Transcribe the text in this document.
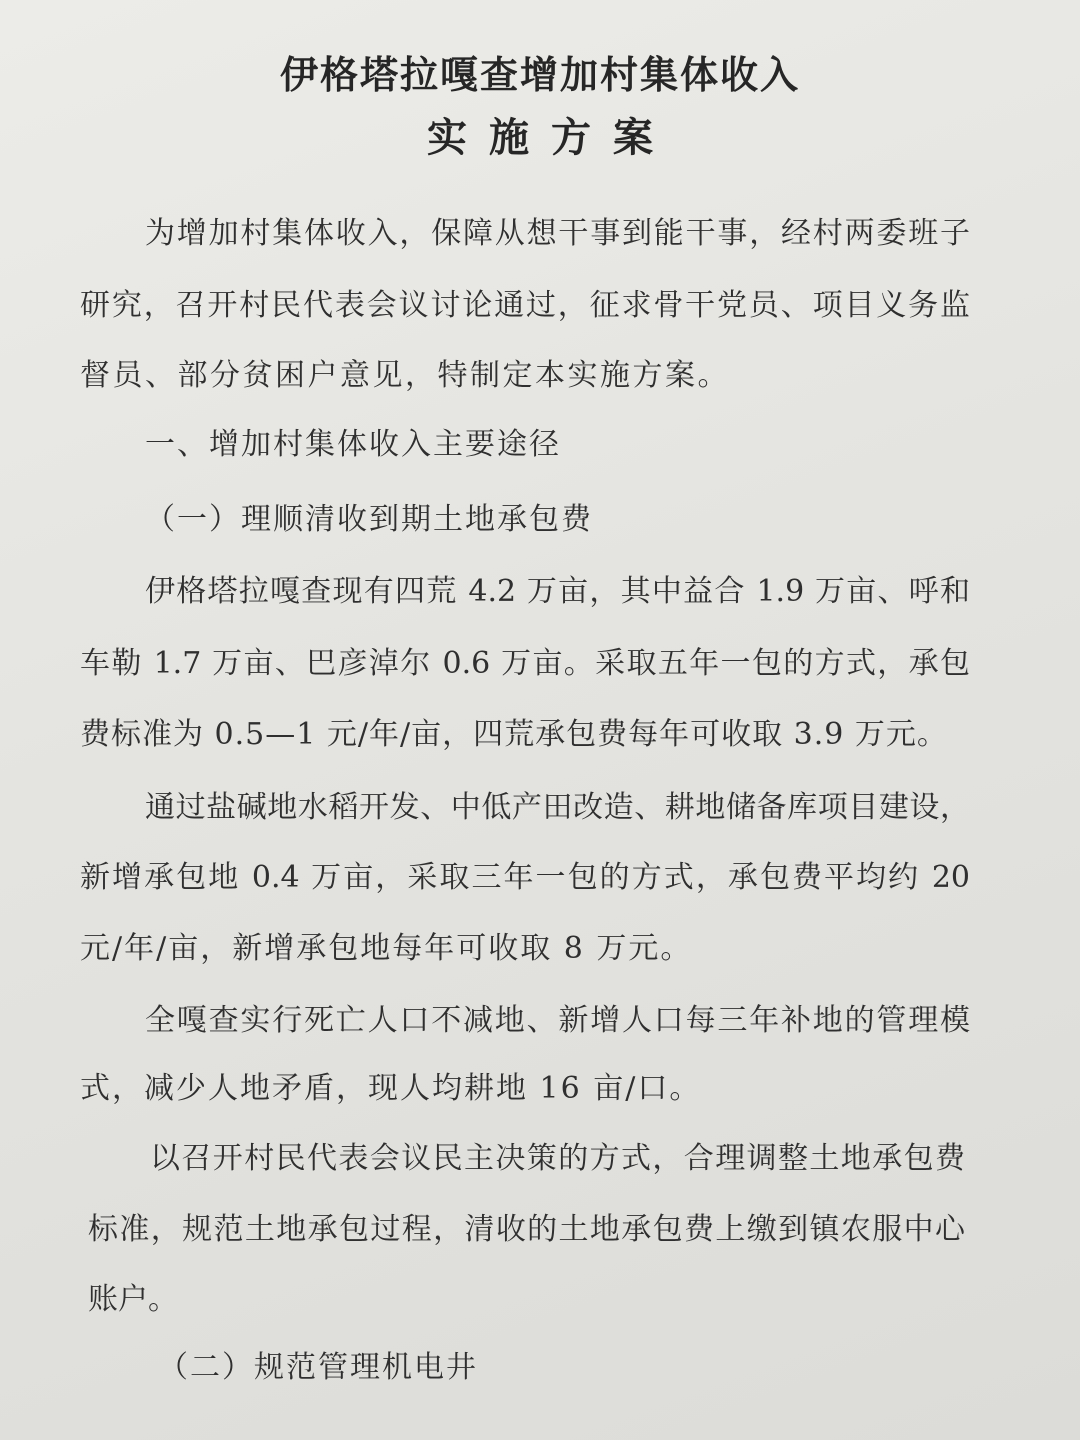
伊格塔拉嘎查增加村集体收入
实施方案

为增加村集体收入，保障从想干事到能干事，经村两委班子

研究，召开村民代表会议讨论通过，征求骨干党员、项目义务监

督员、部分贫困户意见，特制定本实施方案。

一、增加村集体收入主要途径

（一）理顺清收到期土地承包费

伊格塔拉嘎查现有四荒 4.2 万亩，其中益合 1.9 万亩、呼和

车勒 1.7 万亩、巴彦淖尔 0.6 万亩。采取五年一包的方式，承包

费标准为 0.5—1 元/年/亩，四荒承包费每年可收取 3.9 万元。

通过盐碱地水稻开发、中低产田改造、耕地储备库项目建设，

新增承包地 0.4 万亩，采取三年一包的方式，承包费平均约 20

元/年/亩，新增承包地每年可收取 8 万元。

全嘎查实行死亡人口不减地、新增人口每三年补地的管理模

式，减少人地矛盾，现人均耕地 16 亩/口。

以召开村民代表会议民主决策的方式，合理调整土地承包费

标准，规范土地承包过程，清收的土地承包费上缴到镇农服中心

账户。

（二）规范管理机电井
